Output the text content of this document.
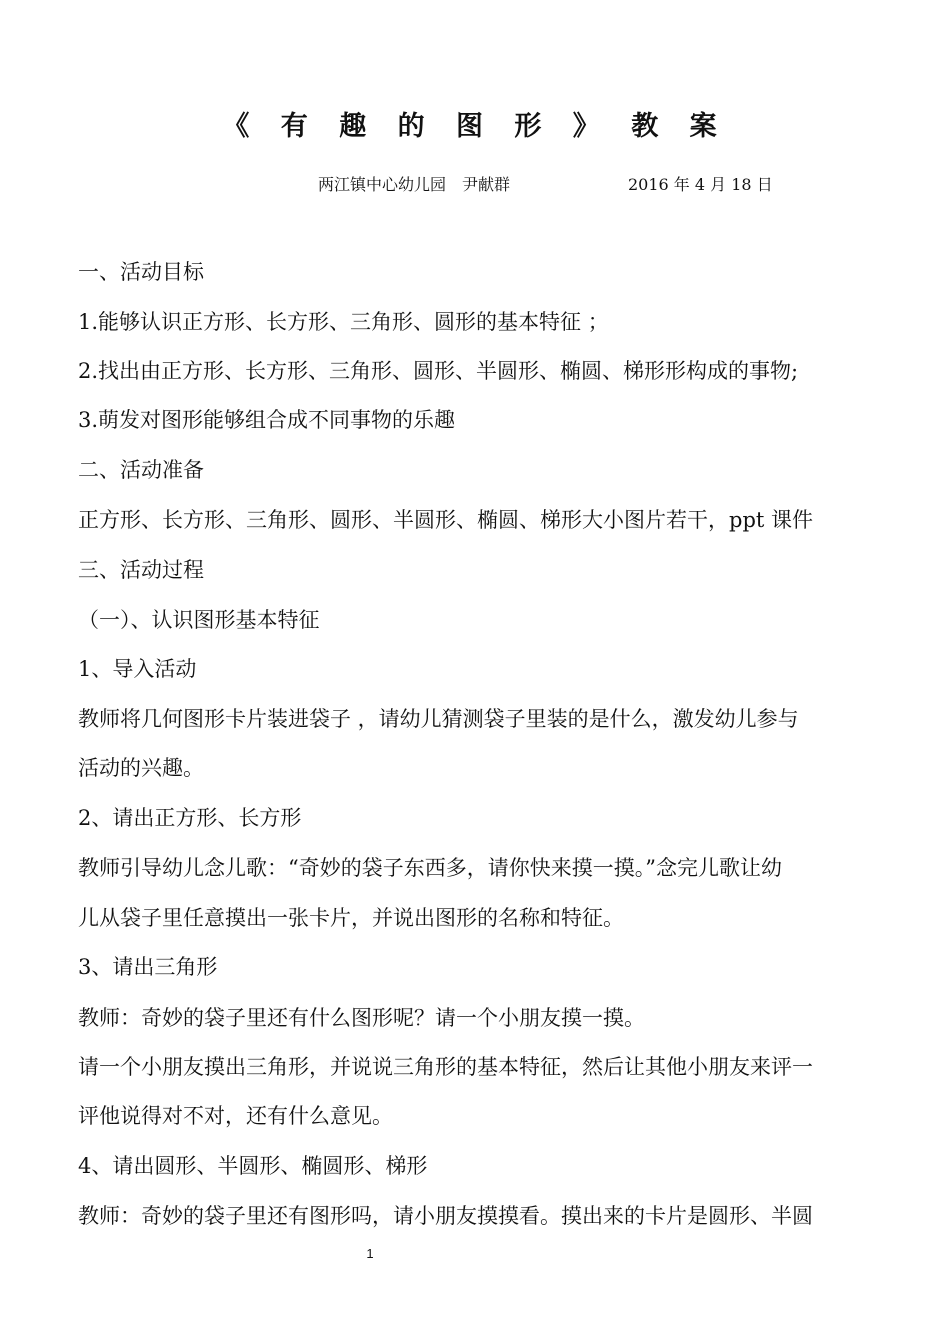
《 有 趣 的 图 形 》 教 案
两江镇中心幼儿园　尹献群	2016 年 4 月 18 日
一、活动目标
1.能够认识正方形、长方形、三角形、圆形的基本特征 ；
2.找出由正方形、长方形、三角形、圆形、半圆形、椭圆、梯形形构成的事物;
3.萌发对图形能够组合成不同事物的乐趣
二、活动准备
正方形、长方形、三角形、圆形、半圆形、椭圆、梯形大小图片若干，ppt 课件
三、活动过程
（一）、认识图形基本特征
1、导入活动
教师将几何图形卡片装进袋子 ，请幼儿猜测袋子里装的是什么，激发幼儿参与
活动的兴趣。
2、请出正方形、长方形
教师引导幼儿念儿歌：“奇妙的袋子东西多，请你快来摸一摸。”念完儿歌让幼
儿从袋子里任意摸出一张卡片，并说出图形的名称和特征。
3、请出三角形
教师：奇妙的袋子里还有什么图形呢？请一个小朋友摸一摸。
请一个小朋友摸出三角形，并说说三角形的基本特征，然后让其他小朋友来评一
评他说得对不对，还有什么意见。
4、请出圆形、半圆形、椭圆形、梯形
教师：奇妙的袋子里还有图形吗，请小朋友摸摸看。摸出来的卡片是圆形、半圆
1
